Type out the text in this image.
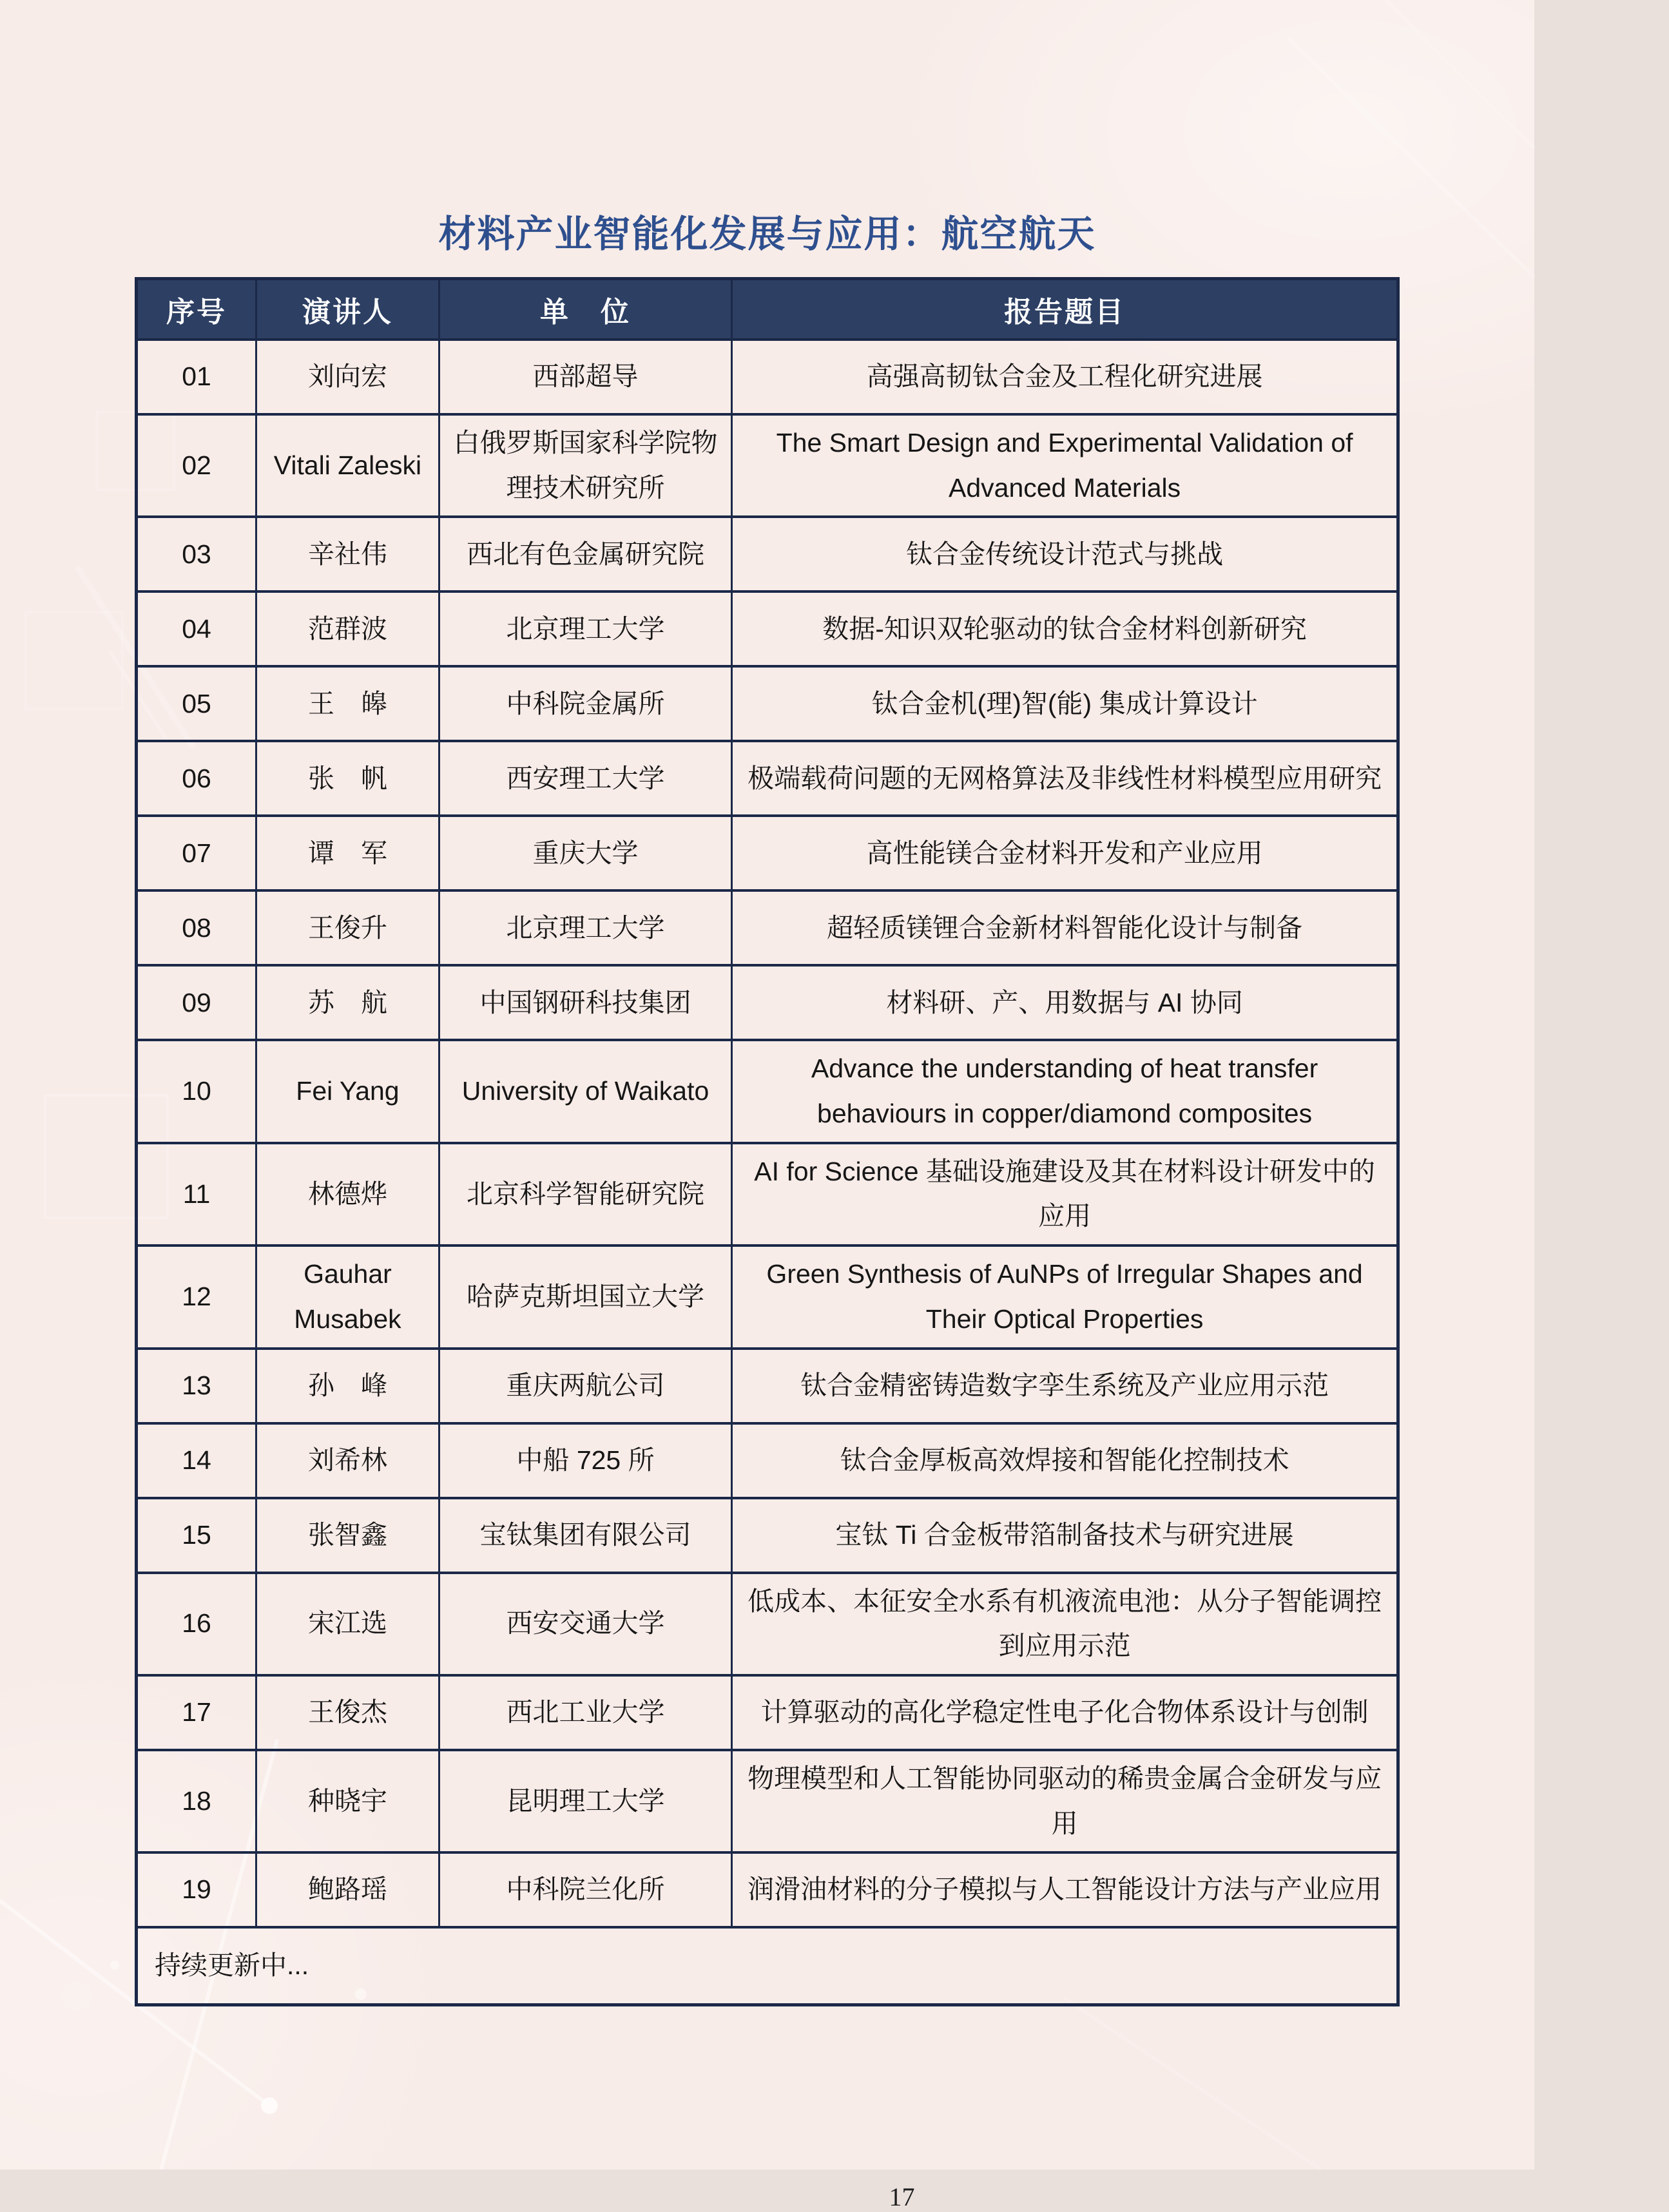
材料产业智能化发展与应用：航空航天
序号	演讲人	单　位	报告题目
01	刘向宏	西部超导	高强高韧钛合金及工程化研究进展
02	Vitali Zaleski	白俄罗斯国家科学院物理技术研究所	The Smart Design and Experimental Validation of Advanced Materials
03	辛社伟	西北有色金属研究院	钛合金传统设计范式与挑战
04	范群波	北京理工大学	数据-知识双轮驱动的钛合金材料创新研究
05	王　皞	中科院金属所	钛合金机(理)智(能) 集成计算设计
06	张　帆	西安理工大学	极端载荷问题的无网格算法及非线性材料模型应用研究
07	谭　军	重庆大学	高性能镁合金材料开发和产业应用
08	王俊升	北京理工大学	超轻质镁锂合金新材料智能化设计与制备
09	苏　航	中国钢研科技集团	材料研、产、用数据与 AI 协同
10	Fei Yang	University of Waikato	Advance the understanding of heat transfer behaviours in copper/diamond composites
11	林德烨	北京科学智能研究院	AI for Science 基础设施建设及其在材料设计研发中的应用
12	Gauhar Musabek	哈萨克斯坦国立大学	Green Synthesis of AuNPs of Irregular Shapes and Their Optical Properties
13	孙　峰	重庆两航公司	钛合金精密铸造数字孪生系统及产业应用示范
14	刘希林	中船 725 所	钛合金厚板高效焊接和智能化控制技术
15	张智鑫	宝钛集团有限公司	宝钛 Ti 合金板带箔制备技术与研究进展
16	宋江选	西安交通大学	低成本、本征安全水系有机液流电池：从分子智能调控到应用示范
17	王俊杰	西北工业大学	计算驱动的高化学稳定性电子化合物体系设计与创制
18	种晓宇	昆明理工大学	物理模型和人工智能协同驱动的稀贵金属合金研发与应用
19	鲍路瑶	中科院兰化所	润滑油材料的分子模拟与人工智能设计方法与产业应用
持续更新中...			
17
